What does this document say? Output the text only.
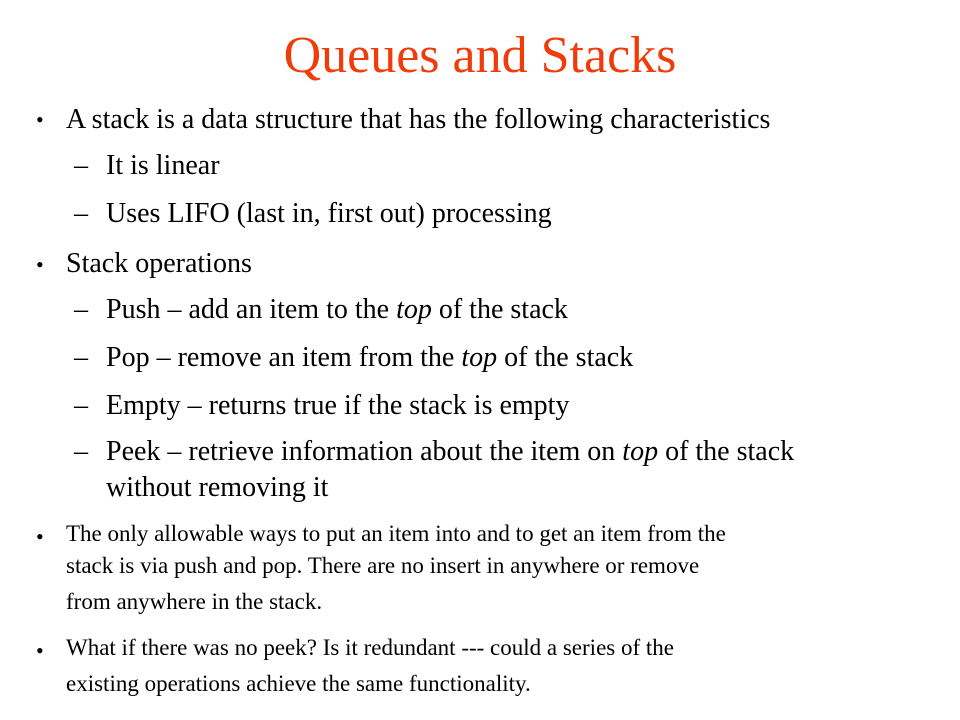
Queues and Stacks
• A stack is a data structure that has the following characteristics
– It is linear
– Uses LIFO (last in, first out) processing
• Stack operations
– Push – add an item to the top of the stack
– Pop – remove an item from the top of the stack
– Empty – returns true if the stack is empty
– Peek – retrieve information about the item on top of the stack
without removing it
• The only allowable ways to put an item into and to get an item from the
stack is via push and pop. There are no insert in anywhere or remove
from anywhere in the stack.
• What if there was no peek? Is it redundant --- could a series of the
existing operations achieve the same functionality.
